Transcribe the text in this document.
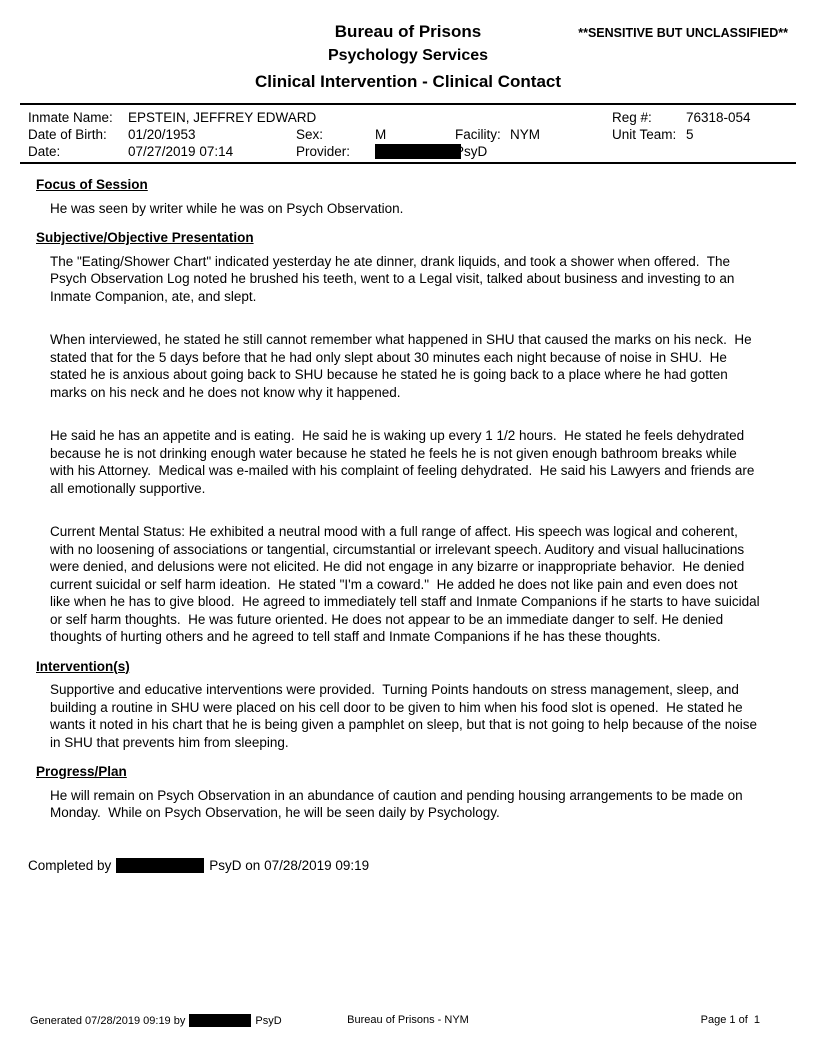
**SENSITIVE BUT UNCLASSIFIED**
Bureau of Prisons
Psychology Services
Clinical Intervention - Clinical Contact
Inmate Name: EPSTEIN, JEFFREY EDWARD	Reg #:	76318-054
Date of Birth: 01/20/1953	Sex:	M	Facility: NYM	Unit Team: 5
Date:	07/27/2019 07:14	Provider:	PsyD
Focus of Session

He was seen by writer while he was on Psych Observation.

Subjective/Objective Presentation

The "Eating/Shower Chart" indicated yesterday he ate dinner, drank liquids, and took a shower when offered.  The Psych Observation Log noted he brushed his teeth, went to a Legal visit, talked about business and investing to an Inmate Companion, ate, and slept.

When interviewed, he stated he still cannot remember what happened in SHU that caused the marks on his neck.  He stated that for the 5 days before that he had only slept about 30 minutes each night because of noise in SHU.  He stated he is anxious about going back to SHU because he stated he is going back to a place where he had gotten marks on his neck and he does not know why it happened.

He said he has an appetite and is eating.  He said he is waking up every 1 1/2 hours.  He stated he feels dehydrated because he is not drinking enough water because he stated he feels he is not given enough bathroom breaks while with his Attorney.  Medical was e-mailed with his complaint of feeling dehydrated.  He said his Lawyers and friends are all emotionally supportive.

Current Mental Status: He exhibited a neutral mood with a full range of affect. His speech was logical and coherent, with no loosening of associations or tangential, circumstantial or irrelevant speech. Auditory and visual hallucinations were denied, and delusions were not elicited. He did not engage in any bizarre or inappropriate behavior.  He denied current suicidal or self harm ideation.  He stated "I'm a coward."  He added he does not like pain and even does not like when he has to give blood.  He agreed to immediately tell staff and Inmate Companions if he starts to have suicidal or self harm thoughts.  He was future oriented. He does not appear to be an immediate danger to self. He denied thoughts of hurting others and he agreed to tell staff and Inmate Companions if he has these thoughts.

Intervention(s)

Supportive and educative interventions were provided.  Turning Points handouts on stress management, sleep, and building a routine in SHU were placed on his cell door to be given to him when his food slot is opened.  He stated he wants it noted in his chart that he is being given a pamphlet on sleep, but that is not going to help because of the noise in SHU that prevents him from sleeping.

Progress/Plan

He will remain on Psych Observation in an abundance of caution and pending housing arrangements to be made on Monday.  While on Psych Observation, he will be seen daily by Psychology.

Completed by	PsyD on 07/28/2019 09:19
Generated 07/28/2019 09:19 by	PsyD	Bureau of Prisons - NYM	Page 1 of  1
